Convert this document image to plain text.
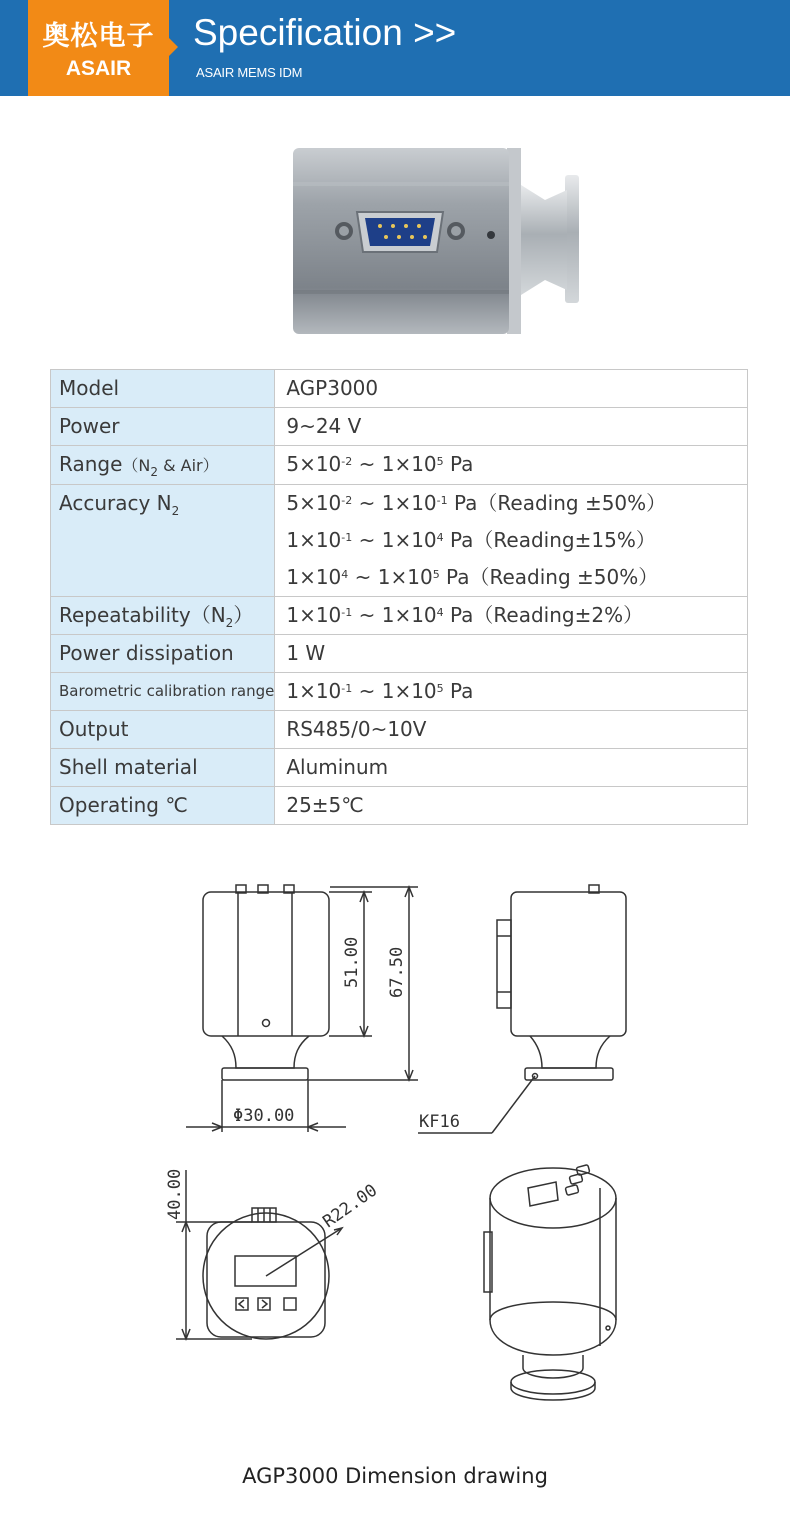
奥松电子
ASAIR
Specification >>
ASAIR MEMS IDM
Model	AGP3000

Power	9~24 V

$Range(N_2$ & Air）	$5\times 10^{-2}$ ~ $1\times 10^5$ Pa

Accuracy $N_2$	$5\times 10^{-2}$ ~ $1\times 10^{-1}$ Pa（Reading ±50%）
$1\times 10^{-1}$ ~ $1\times 10^4$ Pa（Reading±15%）
$1\times 10^4$ ~ $1\times 10^5$ Pa（Reading ±50%）

$Repeatability(N_2)$	$1\times 10^{-1}$ ~ $1\times 10^4$ Pa（Reading±2%）

Power dissipation	1 W

Barometric calibration range	$1\times 10^{-1}$ ~ $1\times 10^5$ Pa

Output	RS485/0~10V

Shell material	Aluminum

Operating ℃	25±5℃
51.00 67.50
Φ30.00	KF16
40.00	R22.00
AGP3000 Dimension drawing
